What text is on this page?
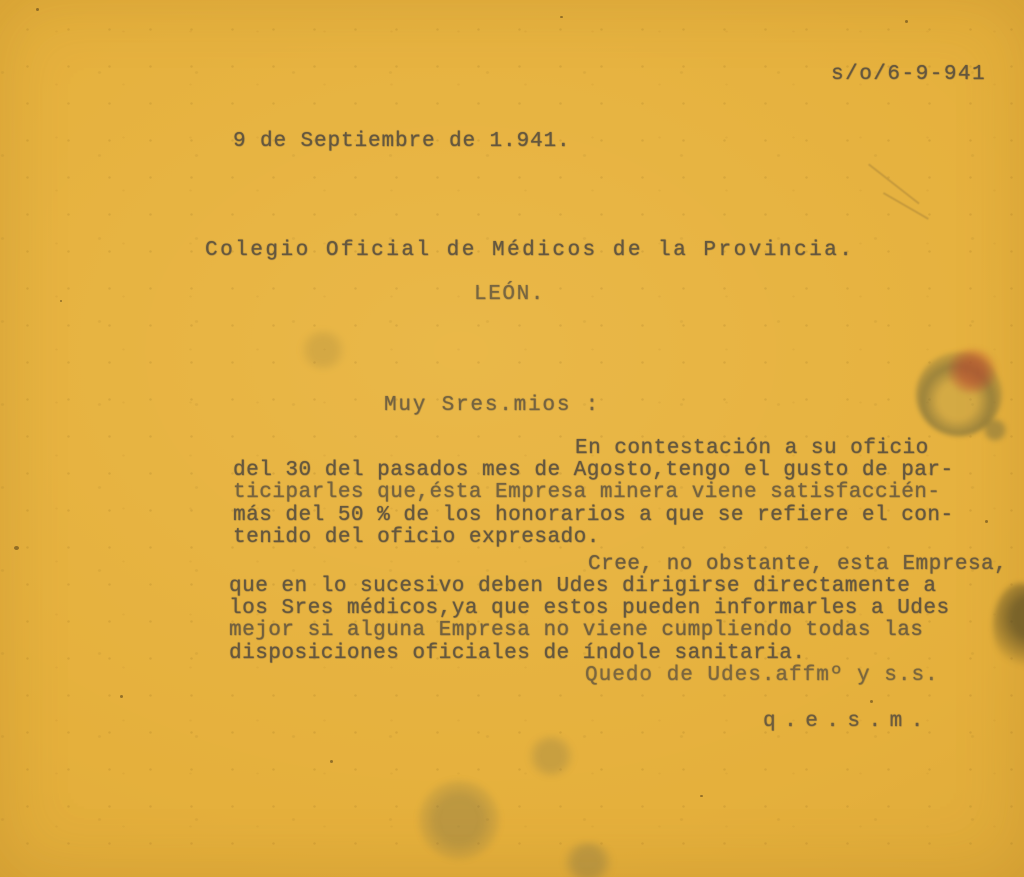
s/o/6-9-941
9 de Septiembre de 1.941.
Colegio Oficial de Médicos de la Provincia.
LEÓN.
Muy Sres.mios :
En contestación a su oficio
del 30 del pasados mes de Agosto,tengo el gusto de par-
ticiparles que,ésta Empresa minera viene satisfaccién-
más del 50 % de los honorarios a que se refiere el con-
tenido del oficio expresado.
Cree, no obstante, esta Empresa,
que en lo sucesivo deben Udes dirigirse directamente a
los Sres médicos,ya que estos pueden informarles a Udes
mejor si alguna Empresa no viene cumpliendo todas las
disposiciones oficiales de índole sanitaria.
Quedo de Udes.affmº y s.s.
q.e.s.m.
